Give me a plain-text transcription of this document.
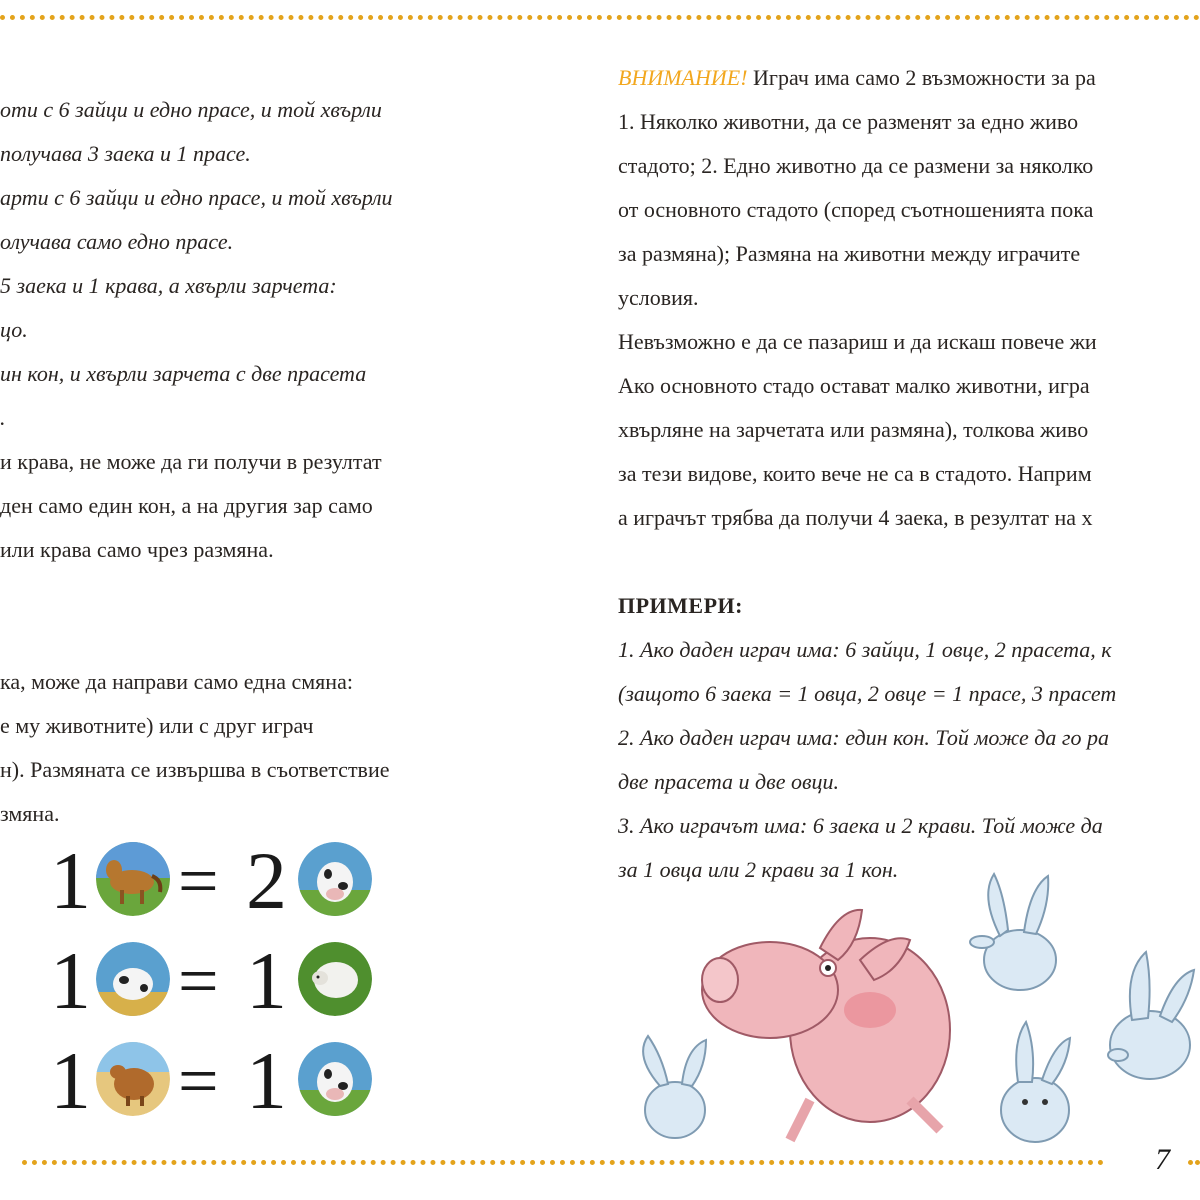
оти с 6 зайци и едно прасе, и той хвърли
получава 3 заека и 1 прасе.
арти с 6 зайци и едно прасе, и той хвърли
олучава само едно прасе.
5 заека и 1 крава, а хвърли зарчета:
цо.
ин кон, и хвърли зарчета с две прасета
.
и крава, не може да ги получи в резултат
ден само един кон, а на другия зар само
или крава само чрез размяна.
ка, може да направи само една смяна:
е му животните) или с друг играч
н). Размяната се извършва в съответствие
змяна.
1 = 2
1 = 1
1 = 1
ВНИМАНИЕ! Играч има само 2 възможности за ра
1. Няколко животни, да се разменят за едно живо
стадото; 2. Едно животно да се размени за няколко
от основното стадото (според съотношенията пока
за размяна); Размяна на животни между играчите
условия.
Невъзможно е да се пазариш и да искаш повече жи
Ако основното стадо остават малко животни, игра
хвърляне на зарчетата или размяна), толкова живо
за тези видове, които вече не са в стадото. Наприм
а играчът трябва да получи 4 заека, в резултат на х
ПРИМЕРИ:
1. Ако даден играч има: 6 зайци, 1 овце, 2 прасета, к
(защото 6 заека = 1 овца, 2 овце = 1 прасе, 3 прасет
2. Ако даден играч има: един кон. Той може да го ра
две прасета и две овци.
3. Ако играчът има: 6 заека и 2 крави. Той може да
за 1 овца или 2 крави за 1 кон.
7
